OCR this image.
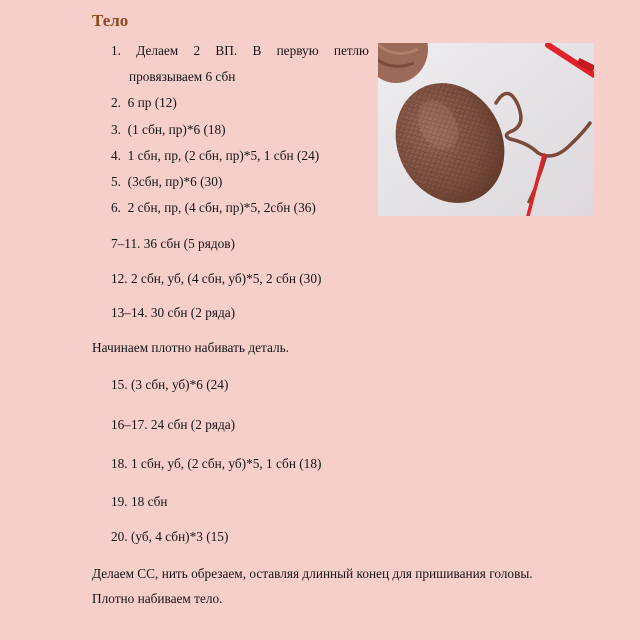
Тело
1. Делаем 2 ВП. В первую петлю
провязываем 6 сбн
2. 6 пр (12)
3. (1 сбн, пр)*6 (18)
4. 1 сбн, пр, (2 сбн, пр)*5, 1 сбн (24)
5. (3сбн, пр)*6 (30)
6. 2 сбн, пр, (4 сбн, пр)*5, 2сбн (36)
7–11. 36 сбн (5 рядов)
12. 2 сбн, уб, (4 сбн, уб)*5, 2 сбн (30)
13–14. 30 сбн (2 ряда)
Начинаем плотно набивать деталь.
15. (3 сбн, уб)*6 (24)
16–17. 24 сбн (2 ряда)
18. 1 сбн, уб, (2 сбн, уб)*5, 1 сбн (18)
19. 18 сбн
20. (уб, 4 сбн)*3 (15)
Делаем СС, нить обрезаем, оставляя длинный конец для пришивания головы.
Плотно набиваем тело.
